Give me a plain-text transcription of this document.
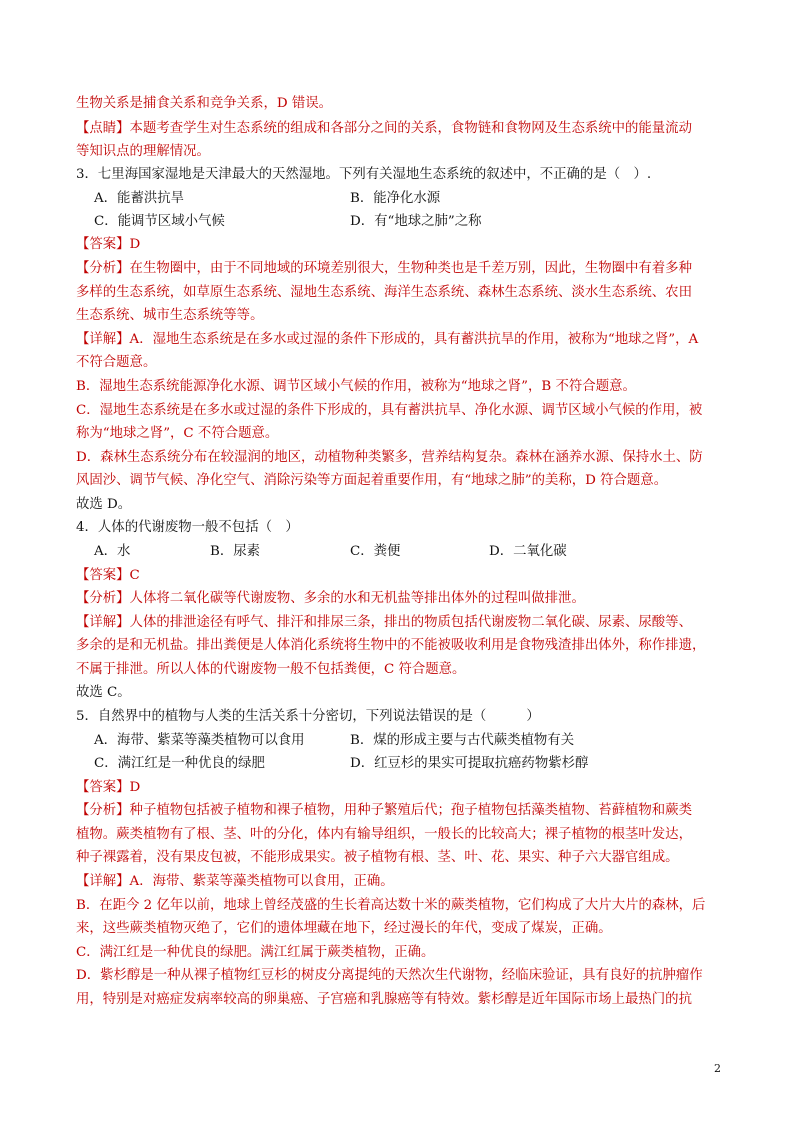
生物关系是捕食关系和竞争关系，D 错误。
【点睛】本题考查学生对生态系统的组成和各部分之间的关系，食物链和食物网及生态系统中的能量流动
等知识点的理解情况。
3．七里海国家湿地是天津最大的天然湿地。下列有关湿地生态系统的叙述中，不正确的是（　）.
A．能蓄洪抗旱	B．能净化水源
C．能调节区域小气候	D．有“地球之肺”之称
【答案】D
【分析】在生物圈中，由于不同地域的环境差别很大，生物种类也是千差万别，因此，生物圈中有着多种
多样的生态系统，如草原生态系统、湿地生态系统、海洋生态系统、森林生态系统、淡水生态系统、农田
生态系统、城市生态系统等等。
【详解】A．湿地生态系统是在多水或过湿的条件下形成的，具有蓄洪抗旱的作用，被称为“地球之肾”，A
不符合题意。
B．湿地生态系统能源净化水源、调节区域小气候的作用，被称为“地球之肾”，B 不符合题意。
C．湿地生态系统是在多水或过湿的条件下形成的，具有蓄洪抗旱、净化水源、调节区域小气候的作用，被
称为“地球之肾”，C 不符合题意。
D．森林生态系统分布在较湿润的地区，动植物种类繁多，营养结构复杂。森林在涵养水源、保持水土、防
风固沙、调节气候、净化空气、消除污染等方面起着重要作用，有“地球之肺”的美称，D 符合题意。
故选 D。
4．人体的代谢废物一般不包括（　）
A．水	B．尿素	C．粪便	D．二氧化碳
【答案】C
【分析】人体将二氧化碳等代谢废物、多余的水和无机盐等排出体外的过程叫做排泄。
【详解】人体的排泄途径有呼气、排汗和排尿三条，排出的物质包括代谢废物二氧化碳、尿素、尿酸等、
多余的是和无机盐。排出粪便是人体消化系统将生物中的不能被吸收利用是食物残渣排出体外，称作排遗，
不属于排泄。所以人体的代谢废物一般不包括粪便，C 符合题意。
故选 C。
5．自然界中的植物与人类的生活关系十分密切，下列说法错误的是（　　　）
A．海带、紫菜等藻类植物可以食用	B．煤的形成主要与古代蕨类植物有关
C．满江红是一种优良的绿肥	D．红豆杉的果实可提取抗癌药物紫杉醇
【答案】D
【分析】种子植物包括被子植物和裸子植物，用种子繁殖后代；孢子植物包括藻类植物、苔藓植物和蕨类
植物。蕨类植物有了根、茎、叶的分化，体内有输导组织，一般长的比较高大；裸子植物的根茎叶发达，
种子裸露着，没有果皮包被，不能形成果实。被子植物有根、茎、叶、花、果实、种子六大器官组成。
【详解】A．海带、紫菜等藻类植物可以食用，正确。
B．在距今 2 亿年以前，地球上曾经茂盛的生长着高达数十米的蕨类植物，它们构成了大片大片的森林，后
来，这些蕨类植物灭绝了，它们的遗体埋藏在地下，经过漫长的年代，变成了煤炭，正确。
C．满江红是一种优良的绿肥。满江红属于蕨类植物，正确。
D．紫杉醇是一种从裸子植物红豆杉的树皮分离提纯的天然次生代谢物，经临床验证，具有良好的抗肿瘤作
用，特别是对癌症发病率较高的卵巢癌、子宫癌和乳腺癌等有特效。紫杉醇是近年国际市场上最热门的抗
2
